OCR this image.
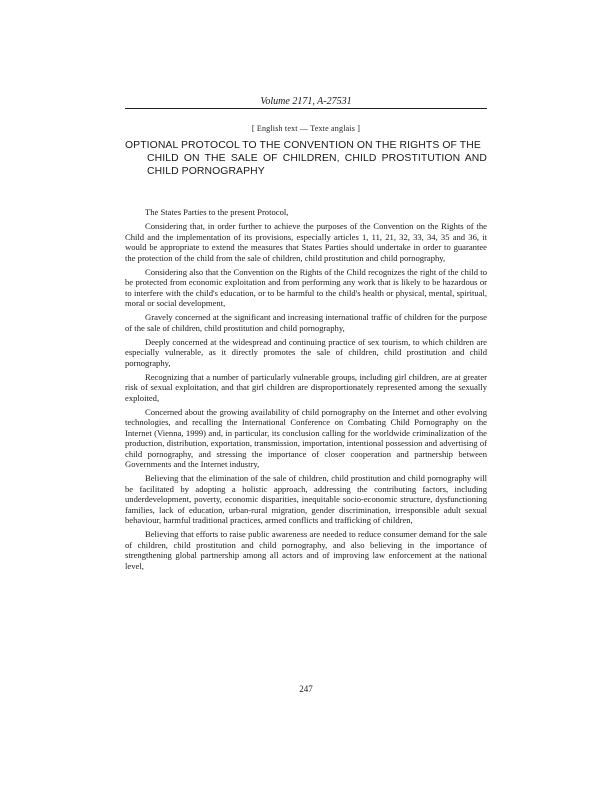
Volume 2171, A-27531
[ English text — Texte anglais ]
OPTIONAL PROTOCOL TO THE CONVENTION ON THE RIGHTS OF THE
CHILD ON THE SALE OF CHILDREN, CHILD PROSTITUTION AND CHILD PORNOGRAPHY

The States Parties to the present Protocol,

Considering that, in order further to achieve the purposes of the Convention on the Rights of the Child and the implementation of its provisions, especially articles 1, 11, 21, 32, 33, 34, 35 and 36, it would be appropriate to extend the measures that States Parties should undertake in order to guarantee the protection of the child from the sale of children, child prostitution and child pornography,

Considering also that the Convention on the Rights of the Child recognizes the right of the child to be protected from economic exploitation and from performing any work that is likely to be hazardous or to interfere with the child's education, or to be harmful to the child's health or physical, mental, spiritual, moral or social development,

Gravely concerned at the significant and increasing international traffic of children for the purpose of the sale of children, child prostitution and child pornography,

Deeply concerned at the widespread and continuing practice of sex tourism, to which children are especially vulnerable, as it directly promotes the sale of children, child prostitution and child pornography,

Recognizing that a number of particularly vulnerable groups, including girl children, are at greater risk of sexual exploitation, and that girl children are disproportionately represented among the sexually exploited,

Concerned about the growing availability of child pornography on the Internet and other evolving technologies, and recalling the International Conference on Combating Child Pornography on the Internet (Vienna, 1999) and, in particular, its conclusion calling for the worldwide criminalization of the production, distribution, exportation, transmission, importation, intentional possession and advertising of child pornography, and stressing the importance of closer cooperation and partnership between Governments and the Internet industry,

Believing that the elimination of the sale of children, child prostitution and child pornography will be facilitated by adopting a holistic approach, addressing the contributing factors, including underdevelopment, poverty, economic disparities, inequitable socio-economic structure, dysfunctioning families, lack of education, urban-rural migration, gender discrimination, irresponsible adult sexual behaviour, harmful traditional practices, armed conflicts and trafficking of children,

Believing that efforts to raise public awareness are needed to reduce consumer demand for the sale of children, child prostitution and child pornography, and also believing in the importance of strengthening global partnership among all actors and of improving law enforcement at the national level,

247
